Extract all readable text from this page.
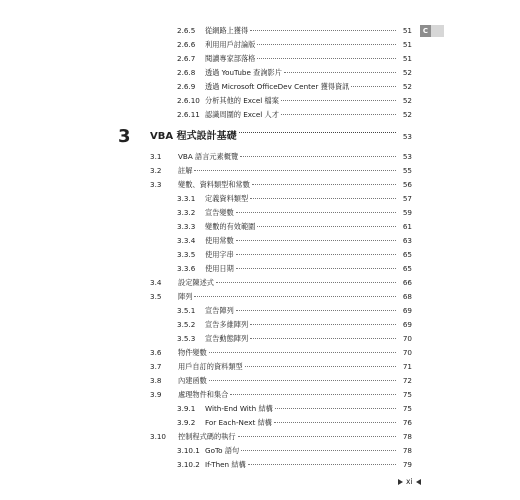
C
2.6.5 從網路上獲得	51
2.6.6 利用用戶討論版	51
2.6.7 閱讀專家部落格	51
2.6.8 透過 YouTube 查詢影片	52
2.6.9 透過 Microsoft OfficeDev Center 獲得資訊	52
2.6.10 分析其他的 Excel 檔案	52
2.6.11 認識周圍的 Excel 人才	52
3 VBA 程式設計基礎	53
3.1 VBA 語言元素概覽	53
3.2 註解	55
3.3 變數、資料類型和常數	56
3.3.1 定義資料類型	57
3.3.2 宣告變數	59
3.3.3 變數的有效範圍	61
3.3.4 使用常數	63
3.3.5 使用字串	65
3.3.6 使用日期	65
3.4 設定陳述式	66
3.5 陣列	68
3.5.1 宣告陣列	69
3.5.2 宣告多維陣列	69
3.5.3 宣告動態陣列	70
3.6 物件變數	70
3.7 用戶自訂的資料類型	71
3.8 內建函數	72
3.9 處理物件和集合	75
3.9.1 With-End With 結構	75
3.9.2 For Each-Next 結構	76
3.10 控制程式碼的執行	78
3.10.1 GoTo 語句	78
3.10.2 If-Then 結構	79
xi
